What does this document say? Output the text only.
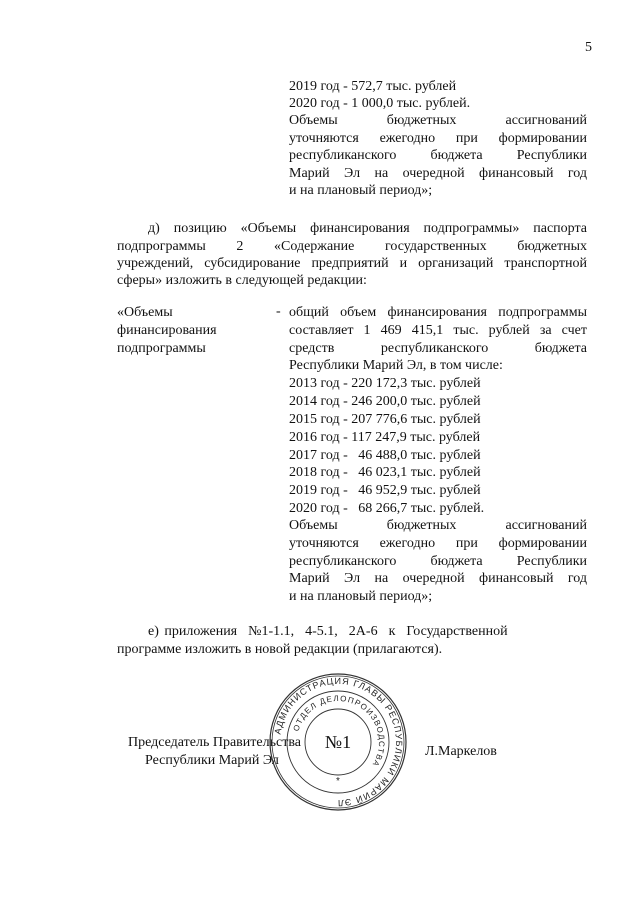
5
2019 год - 572,7 тыс. рублей
2020 год - 1 000,0 тыс. рублей.
Объемы бюджетных ассигнований
уточняются ежегодно при формировании
республиканского бюджета Республики
Марий Эл на очередной финансовый год
и на плановый период»;
д) позицию «Объемы финансирования подпрограммы» паспорта
подпрограммы 2 «Содержание государственных бюджетных
учреждений, субсидирование предприятий и организаций транспортной
сферы» изложить в следующей редакции:
«Объемы
финансирования
подпрограммы
- общий объем финансирования подпрограммы
составляет 1 469 415,1 тыс. рублей за счет
средств республиканского бюджета
Республики Марий Эл, в том числе:
2013 год - 220 172,3 тыс. рублей
2014 год - 246 200,0 тыс. рублей
2015 год - 207 776,6 тыс. рублей
2016 год - 117 247,9 тыс. рублей
2017 год -   46 488,0 тыс. рублей
2018 год -   46 023,1 тыс. рублей
2019 год -   46 952,9 тыс. рублей
2020 год -   68 266,7 тыс. рублей.
Объемы бюджетных ассигнований
уточняются ежегодно при формировании
республиканского бюджета Республики
Марий Эл на очередной финансовый год
и на плановый период»;
е) приложения  №1-1.1,  4-5.1,  2А-6  к  Государственной
программе изложить в новой редакции (прилагаются).
Председатель Правительства
Республики Марий Эл
Л.Маркелов
АДМИНИСТРАЦИЯ ГЛАВЫ РЕСПУБЛИКИ МАРИЙ ЭЛ
ОТДЕЛ ДЕЛОПРОИЗВОДСТВА
№1
*
